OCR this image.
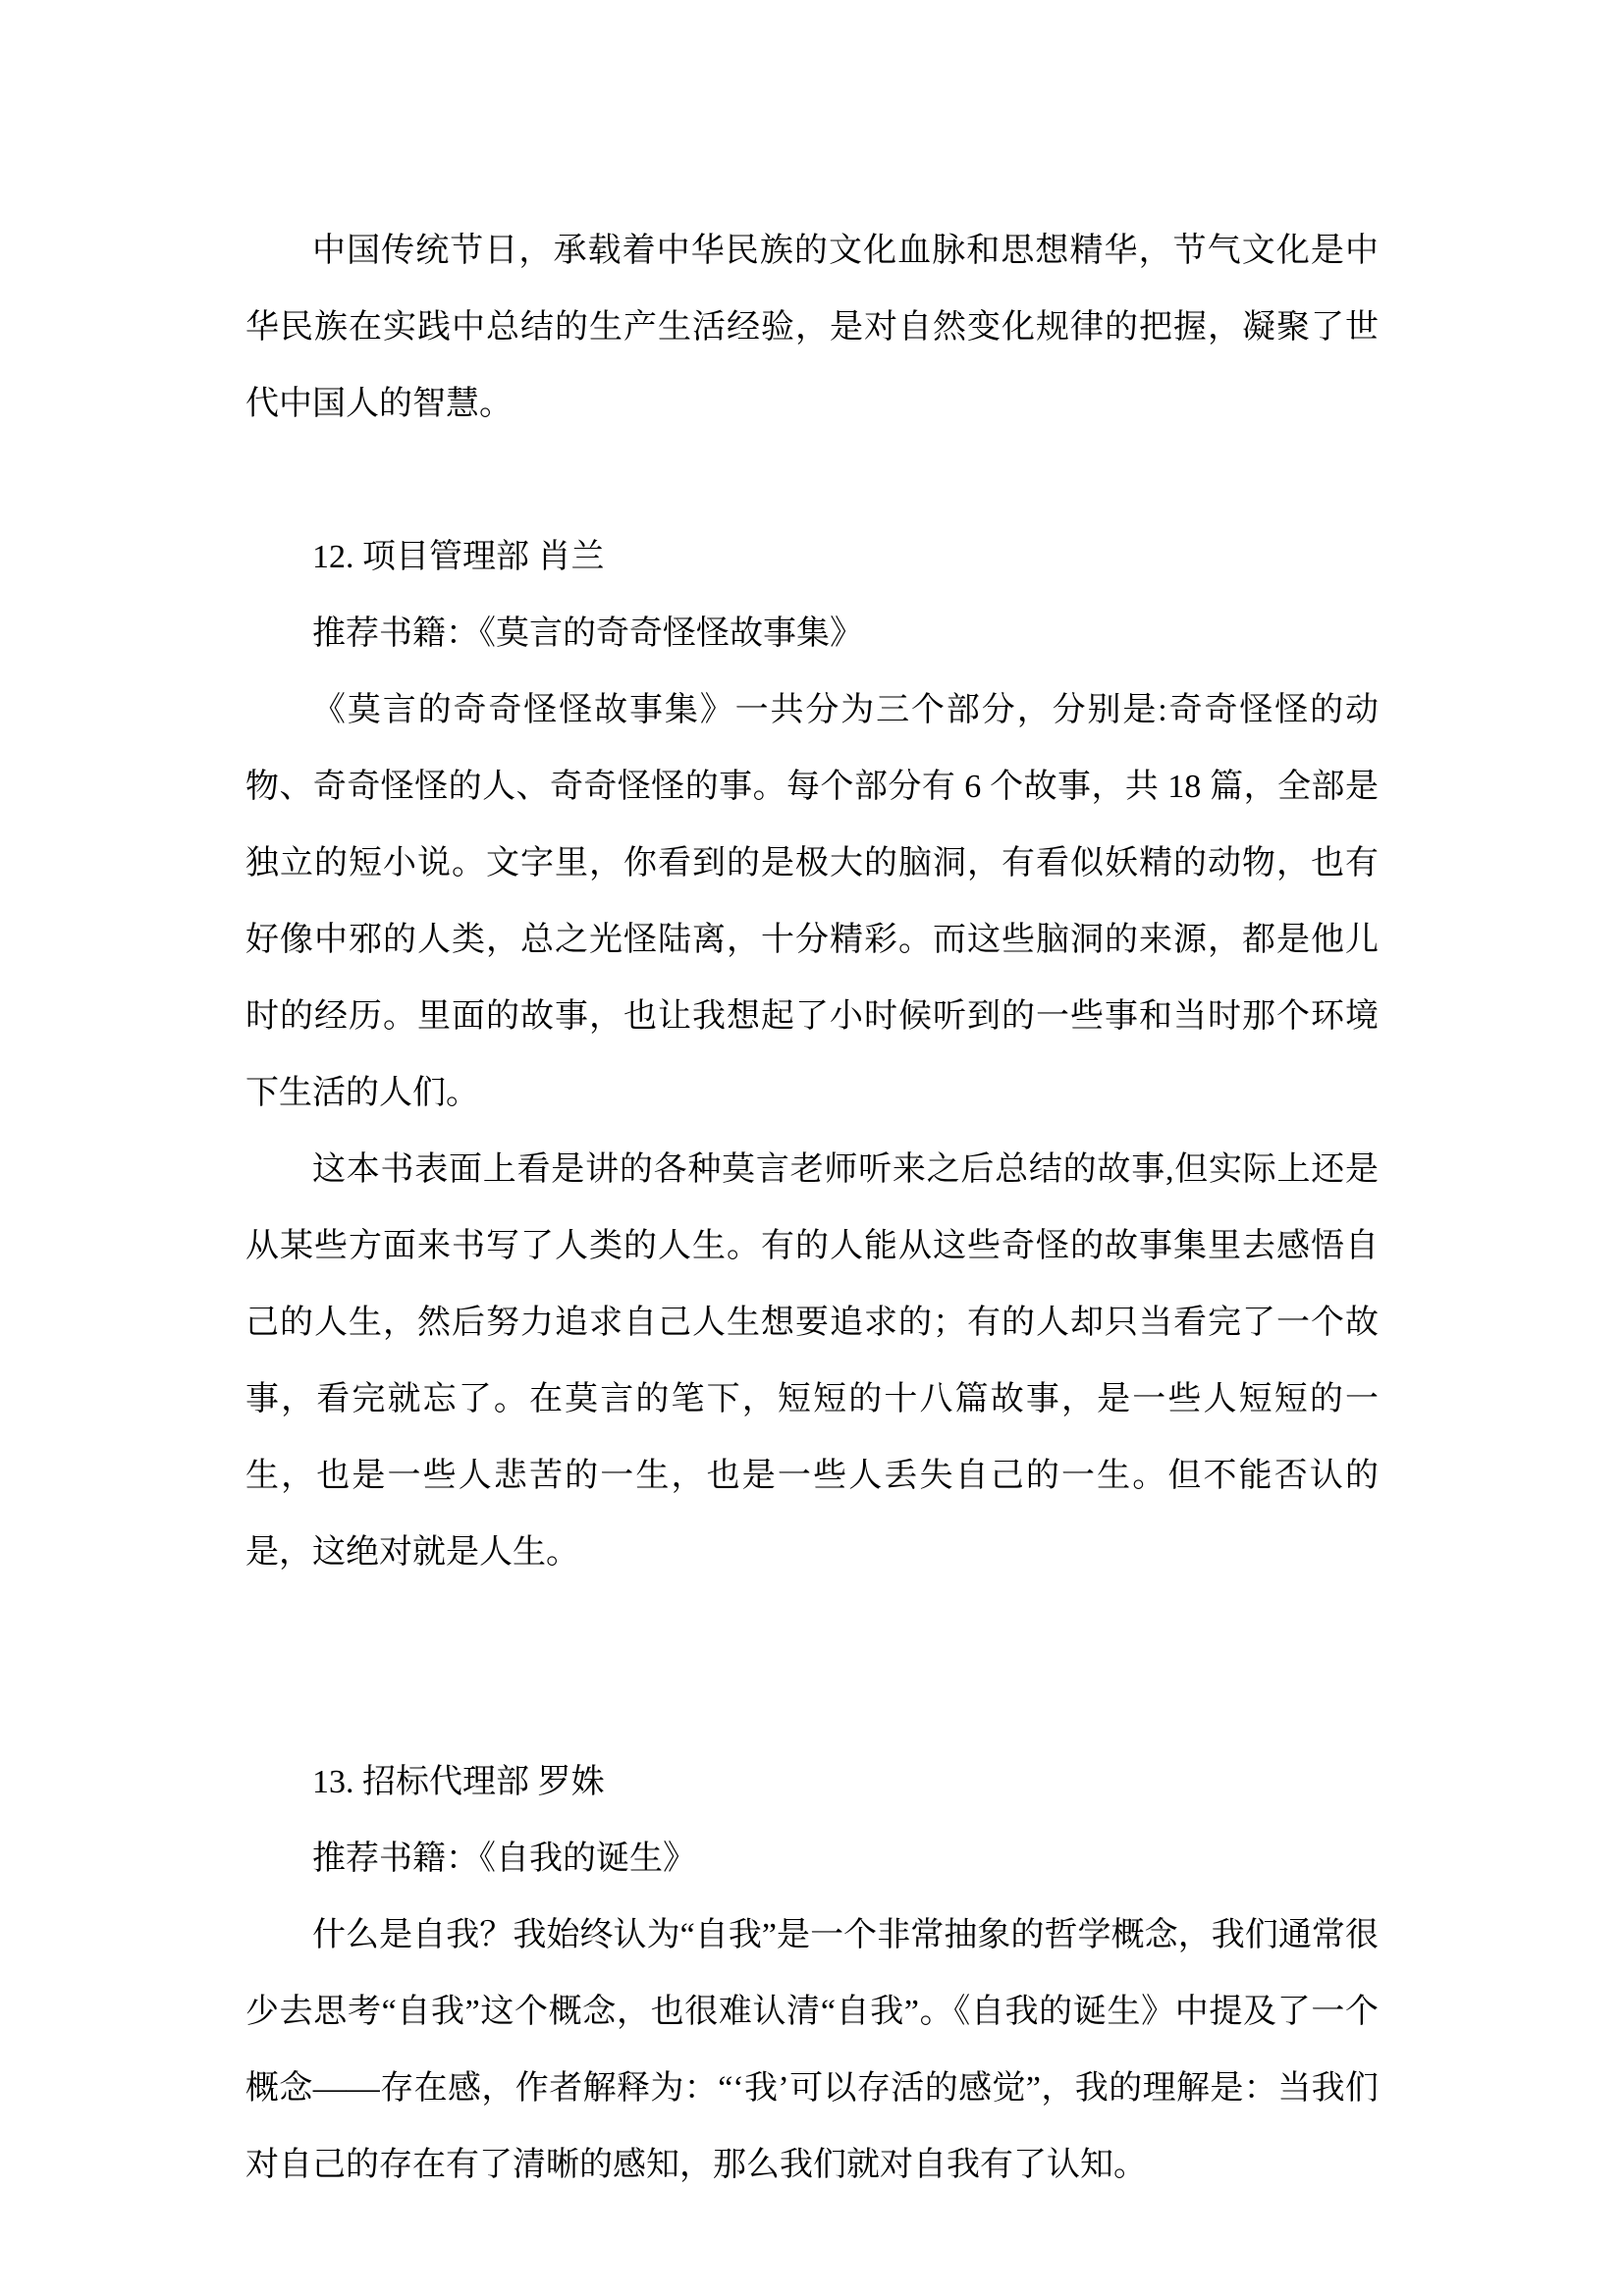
中国传统节日，承载着中华民族的文化血脉和思想精华，节气文化是中华民族在实践中总结的生产生活经验，是对自然变化规律的把握，凝聚了世代中国人的智慧。

12. 项目管理部 肖兰

推荐书籍：《莫言的奇奇怪怪故事集》

《莫言的奇奇怪怪故事集》一共分为三个部分，分别是:奇奇怪怪的动物、奇奇怪怪的人、奇奇怪怪的事。每个部分有 6 个故事，共 18 篇，全部是独立的短小说。文字里，你看到的是极大的脑洞，有看似妖精的动物，也有好像中邪的人类，总之光怪陆离，十分精彩。而这些脑洞的来源，都是他儿时的经历。里面的故事，也让我想起了小时候听到的一些事和当时那个环境下生活的人们。

这本书表面上看是讲的各种莫言老师听来之后总结的故事,但实际上还是从某些方面来书写了人类的人生。有的人能从这些奇怪的故事集里去感悟自己的人生，然后努力追求自己人生想要追求的；有的人却只当看完了一个故事，看完就忘了。在莫言的笔下，短短的十八篇故事，是一些人短短的一生，也是一些人悲苦的一生，也是一些人丢失自己的一生。但不能否认的是，这绝对就是人生。

13. 招标代理部 罗姝

推荐书籍：《自我的诞生》

什么是自我？我始终认为“自我”是一个非常抽象的哲学概念，我们通常很少去思考“自我”这个概念，也很难认清“自我”。《自我的诞生》中提及了一个概念——存在感，作者解释为：“‘我’可以存活的感觉”，我的理解是：当我们对自己的存在有了清晰的感知，那么我们就对自我有了认知。
